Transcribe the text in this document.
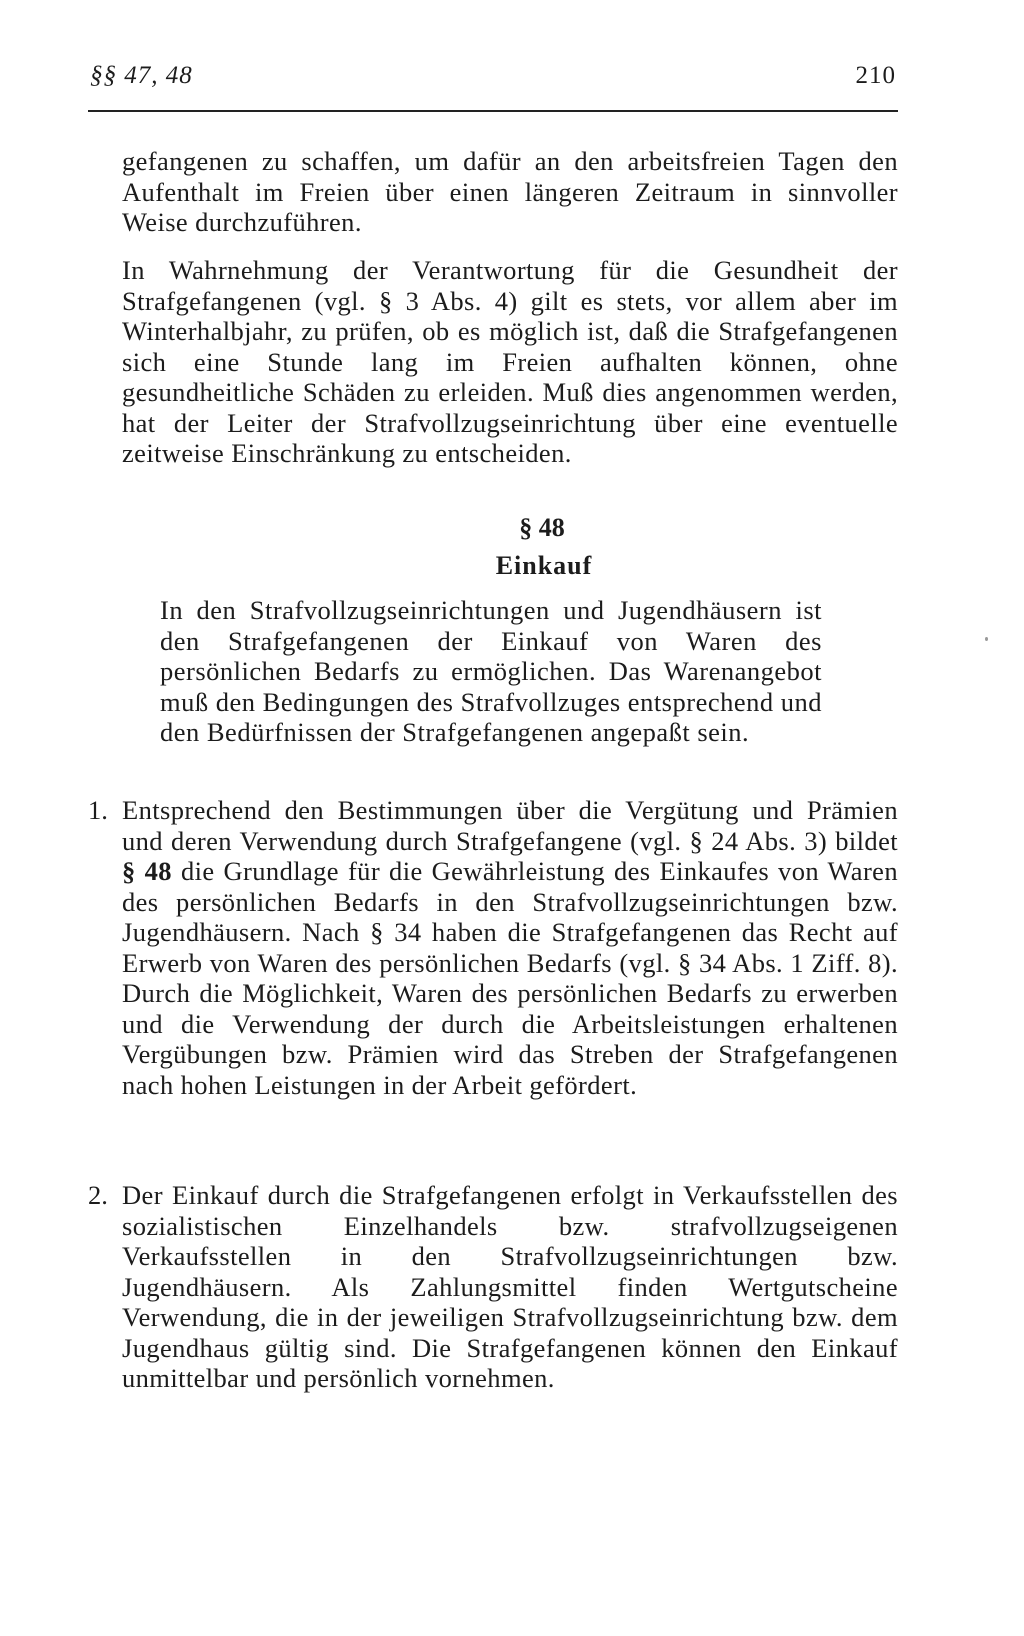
§§ 47, 48	210
gefangenen zu schaffen, um dafür an den arbeitsfreien Tagen den Aufenthalt im Freien über einen längeren Zeitraum in sinnvoller Weise durchzuführen.
In Wahrnehmung der Verantwortung für die Gesundheit der Strafgefangenen (vgl. § 3 Abs. 4) gilt es stets, vor allem aber im Winterhalbjahr, zu prüfen, ob es möglich ist, daß die Strafgefangenen sich eine Stunde lang im Freien aufhalten können, ohne gesundheitliche Schäden zu erleiden. Muß dies angenommen werden, hat der Leiter der Strafvollzugseinrichtung über eine eventuelle zeitweise Einschränkung zu entscheiden.
§ 48
Einkauf
In den Strafvollzugseinrichtungen und Jugendhäusern ist den Strafgefangenen der Einkauf von Waren des persönlichen Bedarfs zu ermöglichen. Das Warenangebot muß den Bedingungen des Strafvollzuges entsprechend und den Bedürfnissen der Strafgefangenen angepaßt sein.
1. Entsprechend den Bestimmungen über die Vergütung und Prämien und deren Verwendung durch Strafgefangene (vgl. § 24 Abs. 3) bildet § 48 die Grundlage für die Gewährleistung des Einkaufes von Waren des persönlichen Bedarfs in den Strafvollzugseinrichtungen bzw. Jugendhäusern. Nach § 34 haben die Strafgefangenen das Recht auf Erwerb von Waren des persönlichen Bedarfs (vgl. § 34 Abs. 1 Ziff. 8). Durch die Möglichkeit, Waren des persönlichen Bedarfs zu erwerben und die Verwendung der durch die Arbeitsleistungen erhaltenen Vergübungen bzw. Prämien wird das Streben der Strafgefangenen nach hohen Leistungen in der Arbeit gefördert.
2. Der Einkauf durch die Strafgefangenen erfolgt in Verkaufsstellen des sozialistischen Einzelhandels bzw. strafvollzugseigenen Verkaufsstellen in den Strafvollzugseinrichtungen bzw. Jugendhäusern. Als Zahlungsmittel finden Wertgutscheine Verwendung, die in der jeweiligen Strafvollzugseinrichtung bzw. dem Jugendhaus gültig sind. Die Strafgefangenen können den Einkauf unmittelbar und persönlich vornehmen.
